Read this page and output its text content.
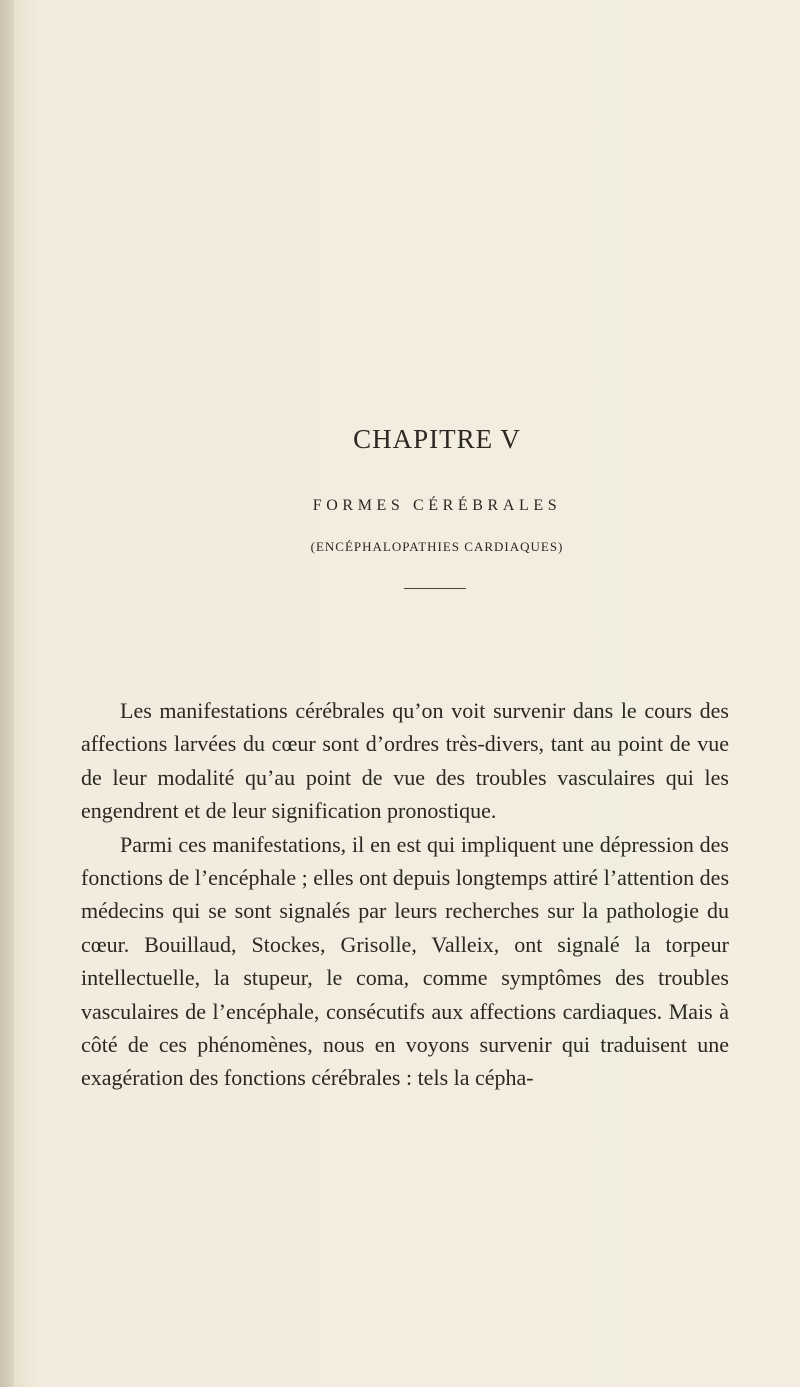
CHAPITRE V
FORMES CÉRÉBRALES
(ENCÉPHALOPATHIES CARDIAQUES)

Les manifestations cérébrales qu’on voit survenir dans le cours des affections larvées du cœur sont d’ordres très-divers, tant au point de vue de leur modalité qu’au point de vue des troubles vasculaires qui les engendrent et de leur signification pronostique.

Parmi ces manifestations, il en est qui impliquent une dépression des fonctions de l’encéphale ; elles ont depuis longtemps attiré l’attention des médecins qui se sont signalés par leurs recherches sur la pathologie du cœur. Bouillaud, Stockes, Grisolle, Valleix, ont signalé la torpeur intellectuelle, la stupeur, le coma, comme symptômes des troubles vasculaires de l’encéphale, consécutifs aux affections cardiaques. Mais à côté de ces phénomènes, nous en voyons survenir qui traduisent une exagération des fonctions cérébrales : tels la cépha-
